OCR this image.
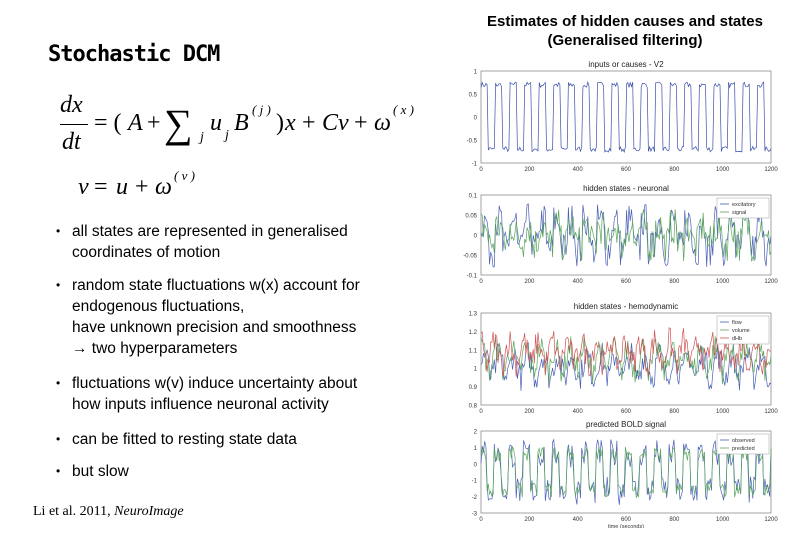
Stochastic DCM
Estimates of hidden causes and states
(Generalised filtering)
dx
dt
= ( A + ∑ j
u j B
( j )
) x + Cv + ω
( x )
v = u + ω ( v )
• all states are represented in generalised
coordinates of motion
• random state fluctuations w(x) account for
endogenous fluctuations,
have unknown precision and smoothness
→ two hyperparameters
• fluctuations w(v) induce uncertainty about
how inputs influence neuronal activity
• can be fitted to resting state data
• but slow
Li et al. 2011, NeuroImage
inputs or causes - V2
1
0.5
0
-0.5
-1
0	200	400	600	800	1000	1200
hidden states - neuronal
0.1
0.05
0
-0.05
-0.1
0	200	400	600	800	1000	1200
excitatory
signal
hidden states - hemodynamic
1.3
1.2
1.1
1
0.9
0.8
0	200	400	600	800	1000	1200
flow
volume
dHb
predicted BOLD signal
2
1
0
-1
-2
-3
0	200	400	600	800	1000	1200
time (seconds)
observed
predicted
